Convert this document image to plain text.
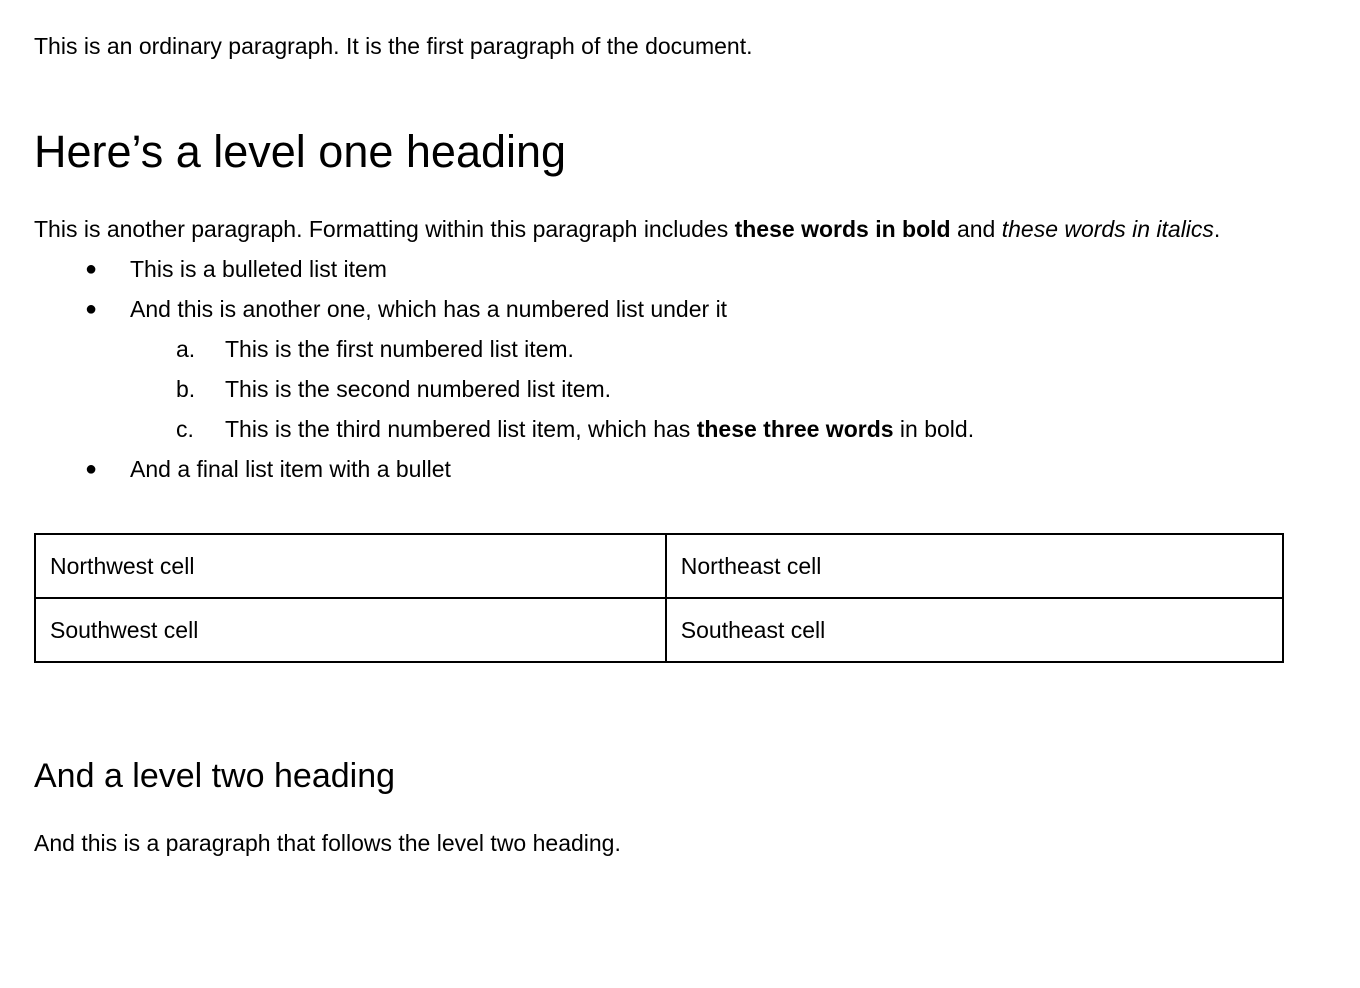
This is an ordinary paragraph. It is the first paragraph of the document.

Here’s a level one heading

This is another paragraph. Formatting within this paragraph includes these words in bold and these words in italics.

● This is a bulleted list item
● And this is another one, which has a numbered list under it
a. This is the first numbered list item.
b. This is the second numbered list item.
c. This is the third numbered list item, which has these three words in bold.
● And a final list item with a bullet
Northwest cell	Northeast cell
Southwest cell	Southeast cell
And a level two heading

And this is a paragraph that follows the level two heading.
